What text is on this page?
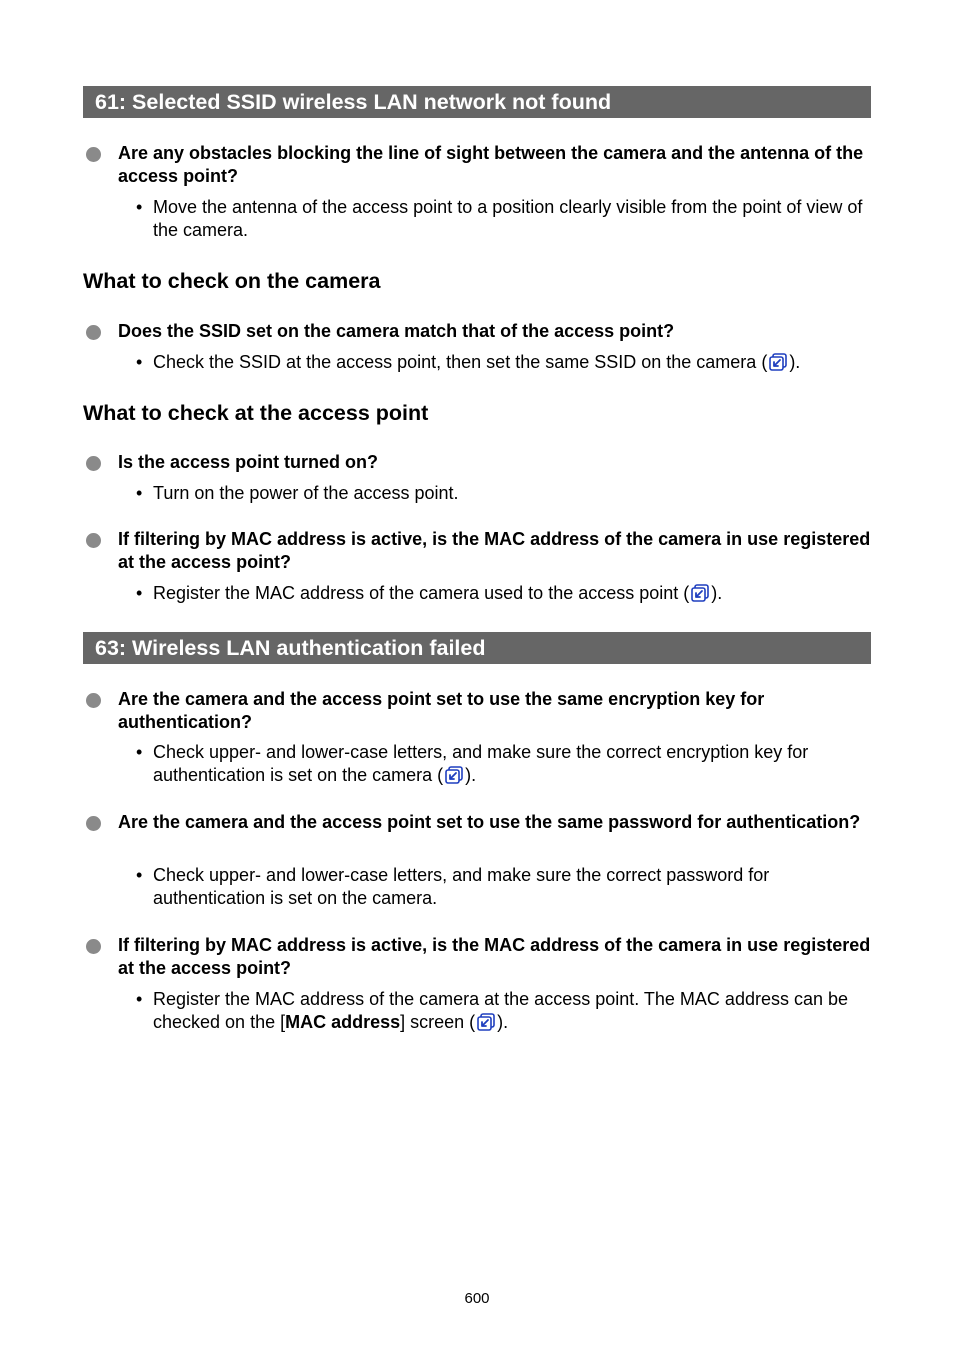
61: Selected SSID wireless LAN network not found
Are any obstacles blocking the line of sight between the camera and the antenna of the access point?
• Move the antenna of the access point to a position clearly visible from the point of view of the camera.
What to check on the camera
Does the SSID set on the camera match that of the access point?
• Check the SSID at the access point, then set the same SSID on the camera ( ).
What to check at the access point
Is the access point turned on?
• Turn on the power of the access point.
If filtering by MAC address is active, is the MAC address of the camera in use registered at the access point?
• Register the MAC address of the camera used to the access point ( ).
63: Wireless LAN authentication failed
Are the camera and the access point set to use the same encryption key for authentication?
• Check upper- and lower-case letters, and make sure the correct encryption key for authentication is set on the camera ( ).
Are the camera and the access point set to use the same password for authentication?
• Check upper- and lower-case letters, and make sure the correct password for authentication is set on the camera.
If filtering by MAC address is active, is the MAC address of the camera in use registered at the access point?
• Register the MAC address of the camera at the access point. The MAC address can be checked on the [MAC address] screen ( ).
600
